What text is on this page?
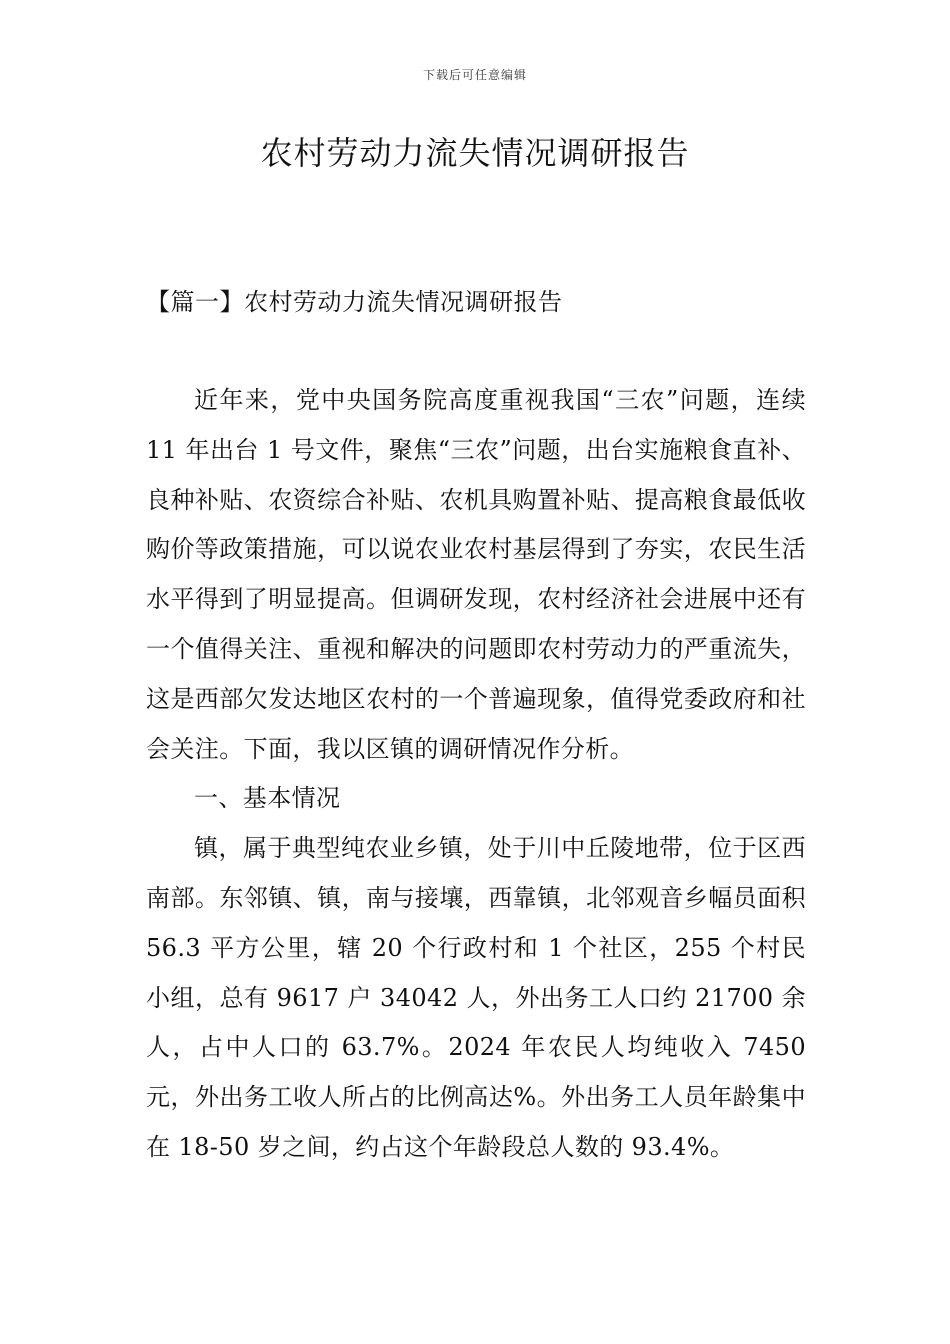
下载后可任意编辑
农村劳动力流失情况调研报告
【篇一】农村劳动力流失情况调研报告

近年来，党中央国务院高度重视我国“三农”问题，连续 11 年出台 1 号文件，聚焦“三农”问题，出台实施粮食直补、良种补贴、农资综合补贴、农机具购置补贴、提高粮食最低收购价等政策措施，可以说农业农村基层得到了夯实，农民生活水平得到了明显提高。但调研发现，农村经济社会进展中还有一个值得关注、重视和解决的问题即农村劳动力的严重流失，这是西部欠发达地区农村的一个普遍现象，值得党委政府和社会关注。下面，我以区镇的调研情况作分析。

一、基本情况

镇，属于典型纯农业乡镇，处于川中丘陵地带，位于区西南部。东邻镇、镇，南与接壤，西靠镇，北邻观音乡幅员面积 56.3 平方公里，辖 20 个行政村和 1 个社区，255 个村民小组，总有 9617 户 34042 人，外出务工人口约 21700 余人，占中人口的 63.7%。2024 年农民人均纯收入 7450 元，外出务工收人所占的比例高达%。外出务工人员年龄集中在 18-50 岁之间，约占这个年龄段总人数的 93.4%。
